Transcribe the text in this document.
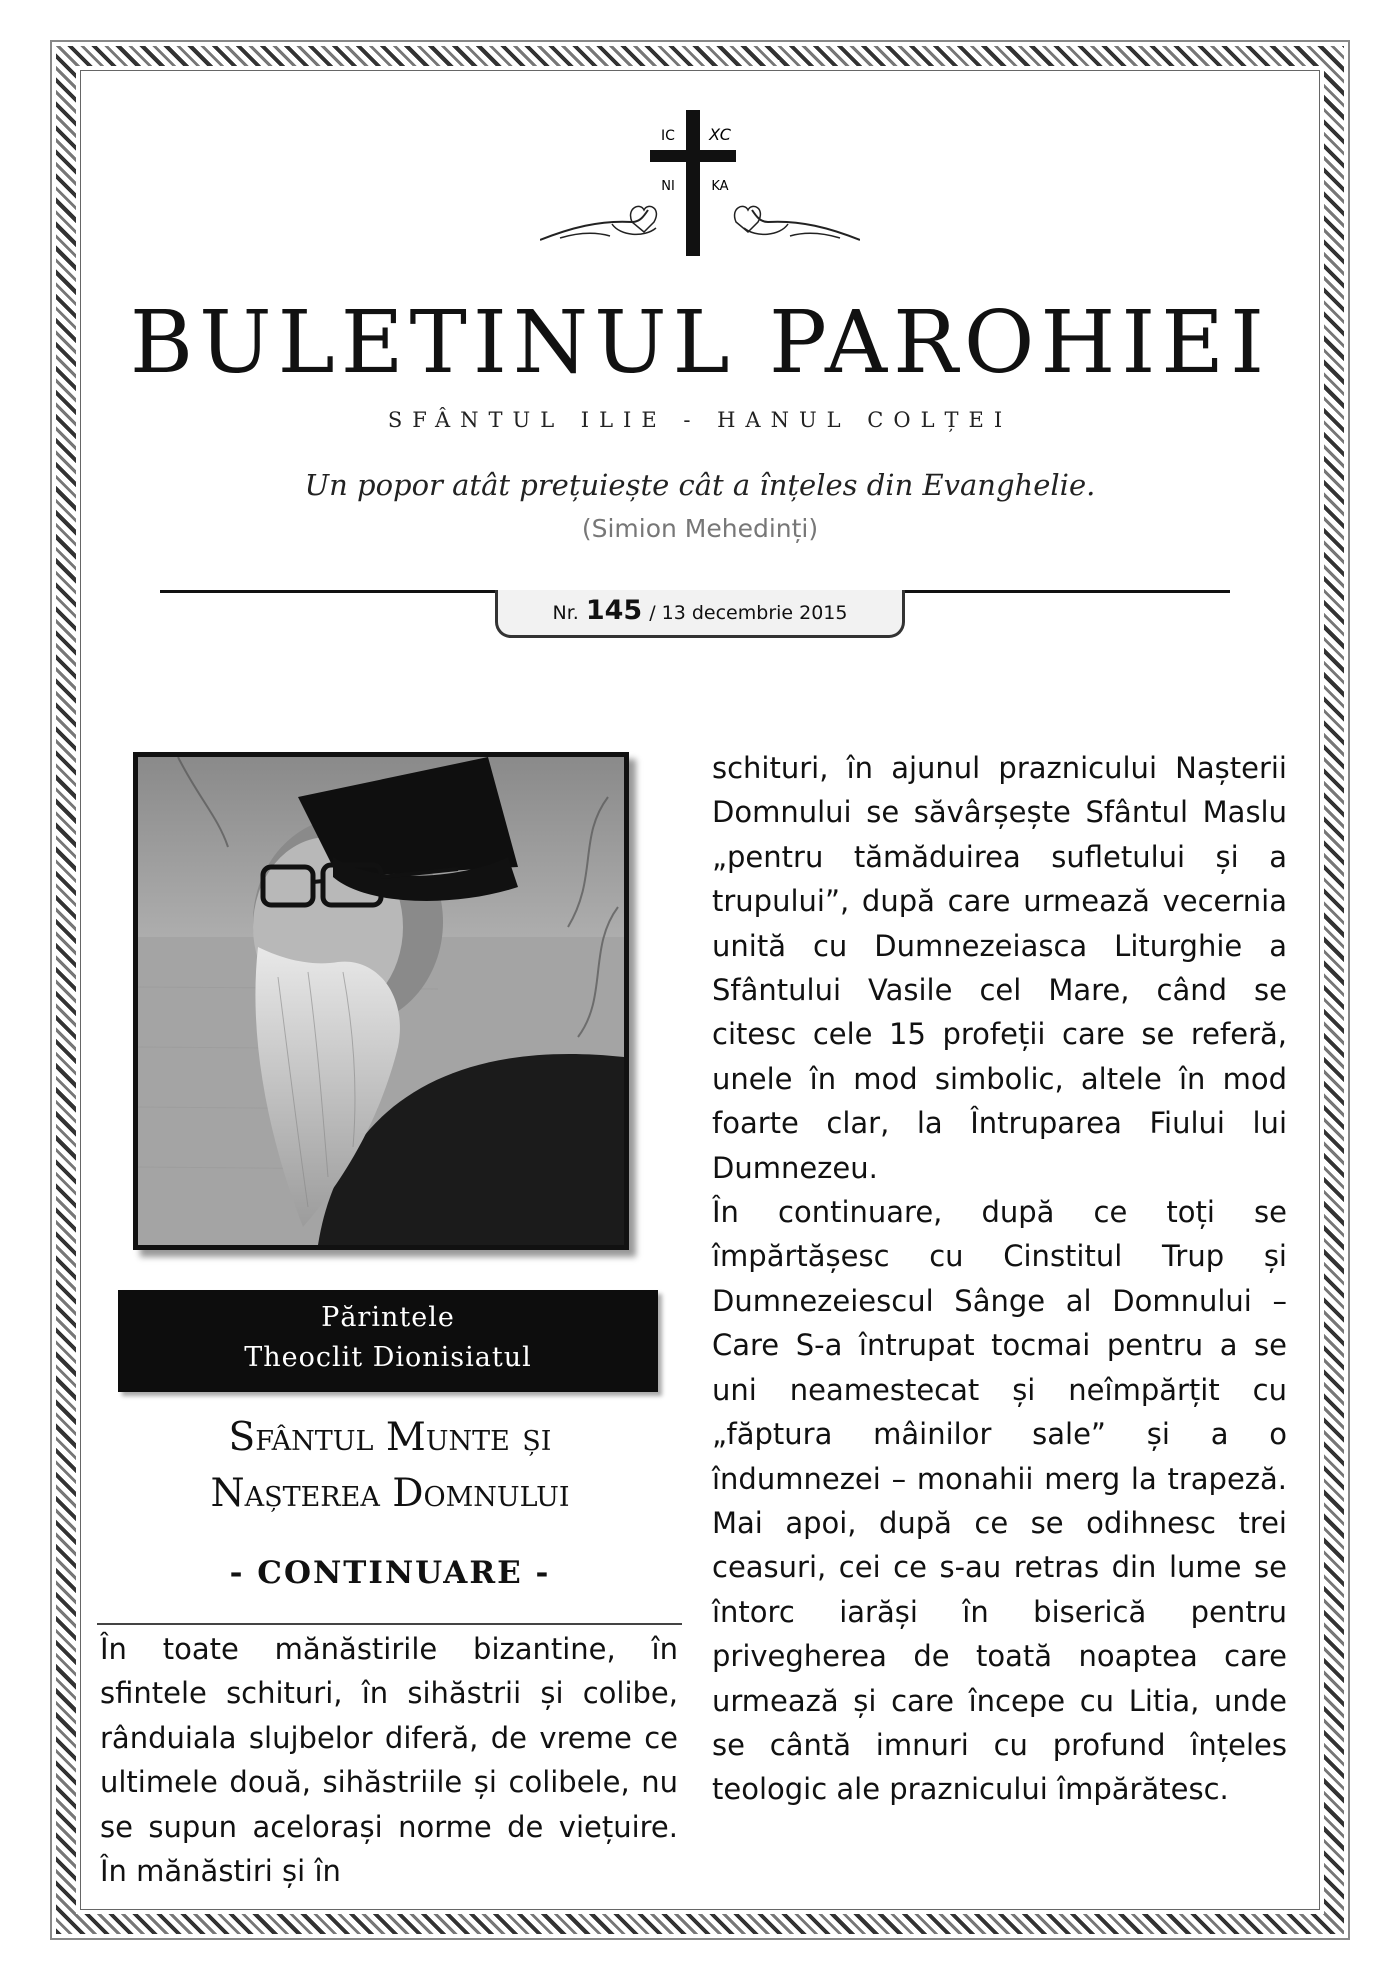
IC XC
NI	KA
BULETINUL PAROHIEI
SFÂNTUL ILIE - HANUL COLȚEI
Un popor atât prețuiește cât a înțeles din Evanghelie.
(Simion Mehedinți)
Nr. 145 / 13 decembrie 2015
Părintele
Theoclit Dionisiatul
Sfântul Munte și
Nașterea Domnului
- CONTINUARE -

În toate mănăstirile bizantine, în sfintele schituri, în sihăstrii și colibe, rânduiala slujbelor diferă, de vreme ce ultimele două, sihăstriile și colibele, nu se supun acelorași norme de viețuire. În mănăstiri și în

schituri, în ajunul praznicului Nașterii Domnului se săvârșește Sfântul Maslu „pentru tămăduirea sufletului și a trupului”, după care urmează vecernia unită cu Dumnezeiasca Liturghie a Sfântului Vasile cel Mare, când se citesc cele 15 profeții care se referă, unele în mod simbolic, altele în mod foarte clar, la Întruparea Fiului lui Dumnezeu.

În continuare, după ce toți se împărtășesc cu Cinstitul Trup și Dumnezeiescul Sânge al Domnului – Care S-a întrupat tocmai pentru a se uni neamestecat și neîmpărțit cu „făptura mâinilor sale” și a o îndumnezei – monahii merg la trapeză. Mai apoi, după ce se odihnesc trei ceasuri, cei ce s-au retras din lume se întorc iarăși în biserică pentru privegherea de toată noaptea care urmează și care începe cu Litia, unde se cântă imnuri cu profund înțeles teologic ale praznicului împărătesc.
